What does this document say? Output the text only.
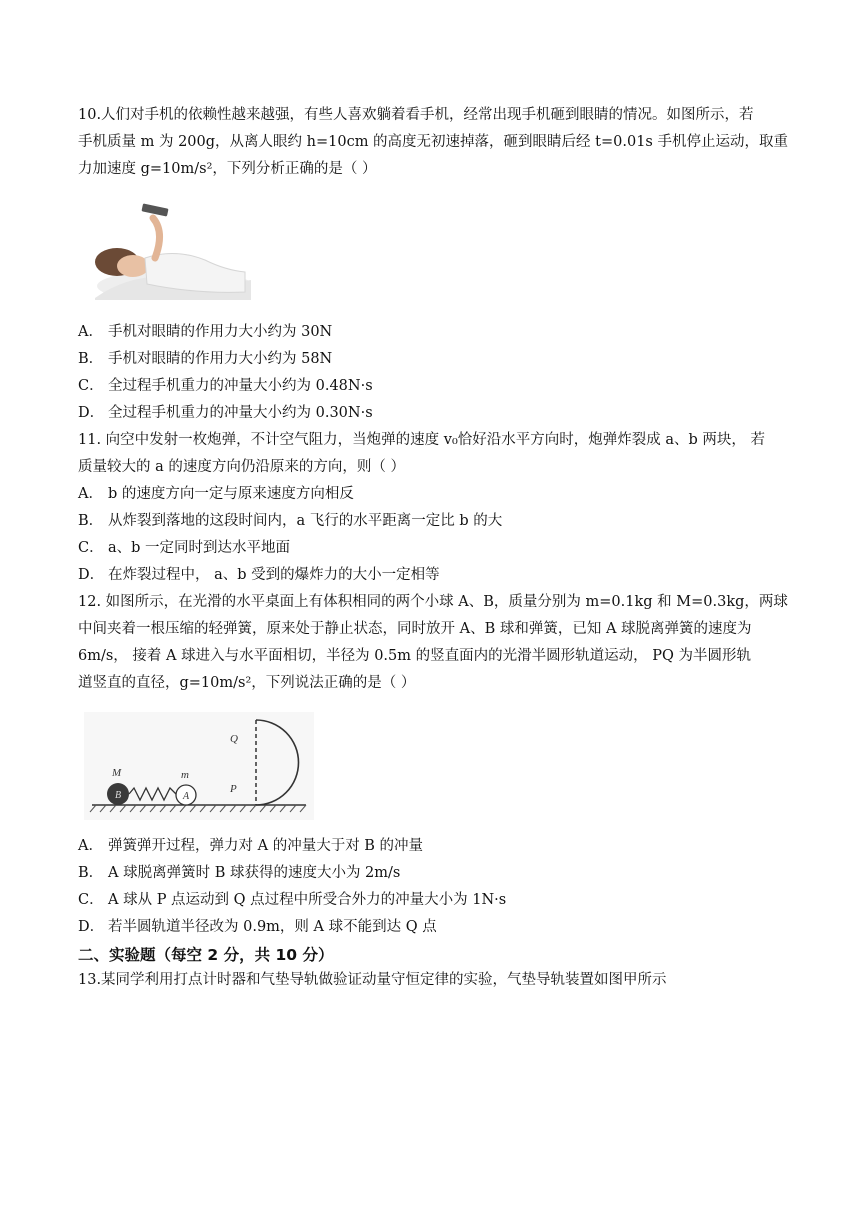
10.人们对手机的依赖性越来越强，有些人喜欢躺着看手机，经常出现手机砸到眼睛的情况。如图所示，若
手机质量 m 为 200g，从离人眼约 h=10cm 的高度无初速掉落，砸到眼睛后经 t=0.01s 手机停止运动，取重
力加速度 g=10m/s²，下列分析正确的是（ ）
A． 手机对眼睛的作用力大小约为 30N
B． 手机对眼睛的作用力大小约为 58N
C． 全过程手机重力的冲量大小约为 0.48N·s
D． 全过程手机重力的冲量大小约为 0.30N·s
11. 向空中发射一枚炮弹，不计空气阻力，当炮弹的速度 v₀恰好沿水平方向时，炮弹炸裂成 a、b 两块， 若
质量较大的 a 的速度方向仍沿原来的方向，则（ ）
A． b 的速度方向一定与原来速度方向相反
B． 从炸裂到落地的这段时间内，a 飞行的水平距离一定比 b 的大
C． a、b 一定同时到达水平地面
D． 在炸裂过程中， a、b 受到的爆炸力的大小一定相等
12. 如图所示，在光滑的水平桌面上有体积相同的两个小球 A、B，质量分别为 m=0.1kg 和 M=0.3kg，两球
中间夹着一根压缩的轻弹簧，原来处于静止状态，同时放开 A、B 球和弹簧，已知 A 球脱离弹簧的速度为
6m/s， 接着 A 球进入与水平面相切，半径为 0.5m 的竖直面内的光滑半圆形轨道运动， PQ 为半圆形轨
道竖直的直径，g=10m/s²，下列说法正确的是（ ）
B	A
M	m
Q
P
A． 弹簧弹开过程，弹力对 A 的冲量大于对 B 的冲量
B． A 球脱离弹簧时 B 球获得的速度大小为 2m/s
C． A 球从 P 点运动到 Q 点过程中所受合外力的冲量大小为 1N·s
D． 若半圆轨道半径改为 0.9m，则 A 球不能到达 Q 点
二、实验题（每空 2 分，共 10 分）
13.某同学利用打点计时器和气垫导轨做验证动量守恒定律的实验，气垫导轨装置如图甲所示
